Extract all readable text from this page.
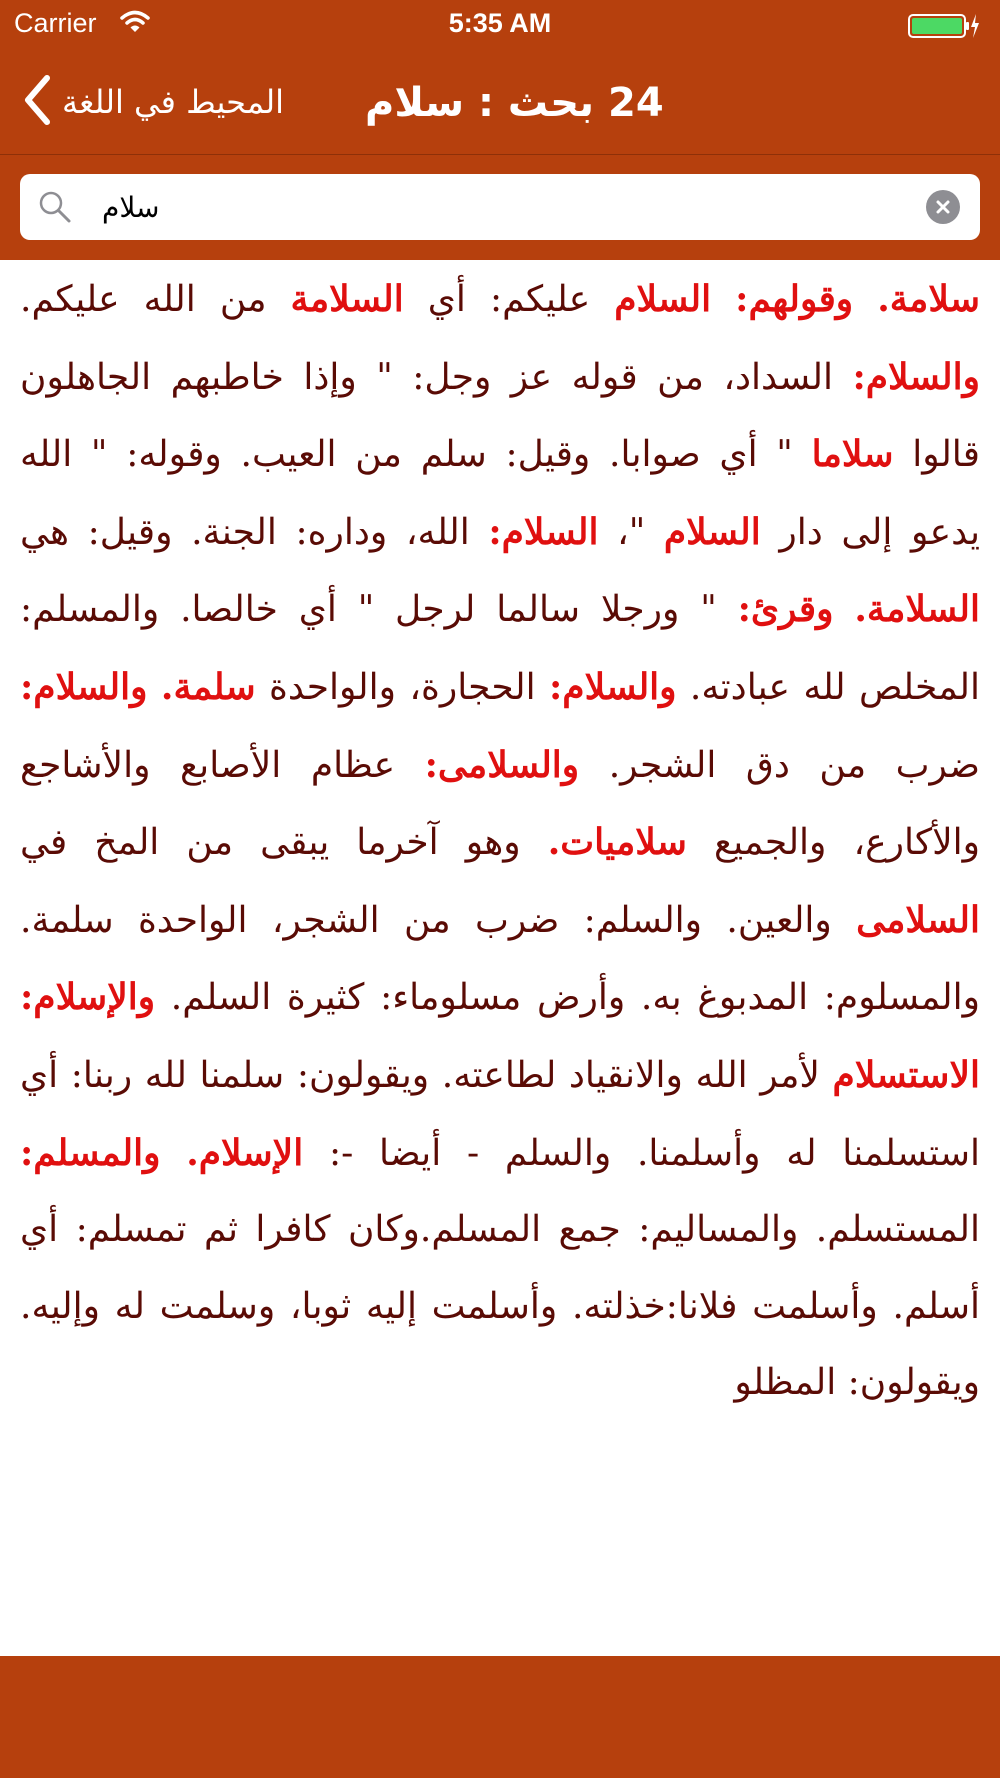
Carrier	5:35 AM
المحيط في اللغة 24 بحث : سلام
سلام

سلامة. وقولهم: السلام عليكم: أي السلامة من الله عليكم. والسلام: السداد، من قوله عز وجل: " وإذا خاطبهم الجاهلون قالوا سلاما " أي صوابا. وقيل: سلم من العيب. وقوله: " الله يدعو إلى دار السلام "، السلام: الله، وداره: الجنة. وقيل: هي السلامة. وقرئ: " ورجلا سالما لرجل " أي خالصا. والمسلم: المخلص لله عبادته. والسلام: الحجارة، والواحدة سلمة. والسلام: ضرب من دق الشجر. والسلامى: عظام الأصابع والأشاجع والأكارع، والجميع سلاميات. وهو آخرما يبقى من المخ في السلامى والعين. والسلم: ضرب من الشجر، الواحدة سلمة. والمسلوم: المدبوغ به. وأرض مسلوماء: كثيرة السلم. والإسلام: الاستسلام لأمر الله والانقياد لطاعته. ويقولون: سلمنا لله ربنا: أي استسلمنا له وأسلمنا. والسلم - أيضا -: الإسلام. والمسلم: المستسلم. والمساليم: جمع المسلم.وكان كافرا ثم تمسلم: أي أسلم. وأسلمت فلانا:خذلته. وأسلمت إليه ثوبا، وسلمت له وإليه. ويقولون: المظلو
